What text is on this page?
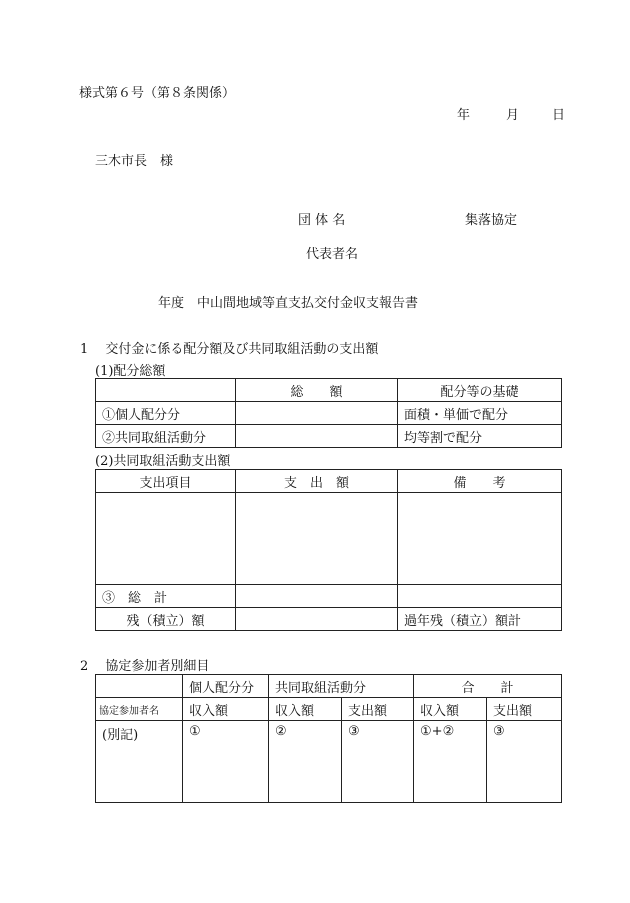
様式第６号（第８条関係）
年	月	日
三木市長　様
団 体 名	集落協定
代表者名
年度　中山間地域等直支払交付金収支報告書
1　 交付金に係る配分額及び共同取組活動の支出額
(1)配分総額
	総　　額	配分等の基礎
①個人配分分		面積・単価で配分
②共同取組活動分		均等割で配分
(2)共同取組活動支出額
支出項目	支　出　額	備　　考

③　総　計		
残（積立）額		過年残（積立）額計
2　 協定参加者別細目
	個人配分分	共同取組活動分		合　　計	
協定参加者名	収入額	収入額	支出額	収入額	支出額
(別記)	①	②	③	①+②	③
